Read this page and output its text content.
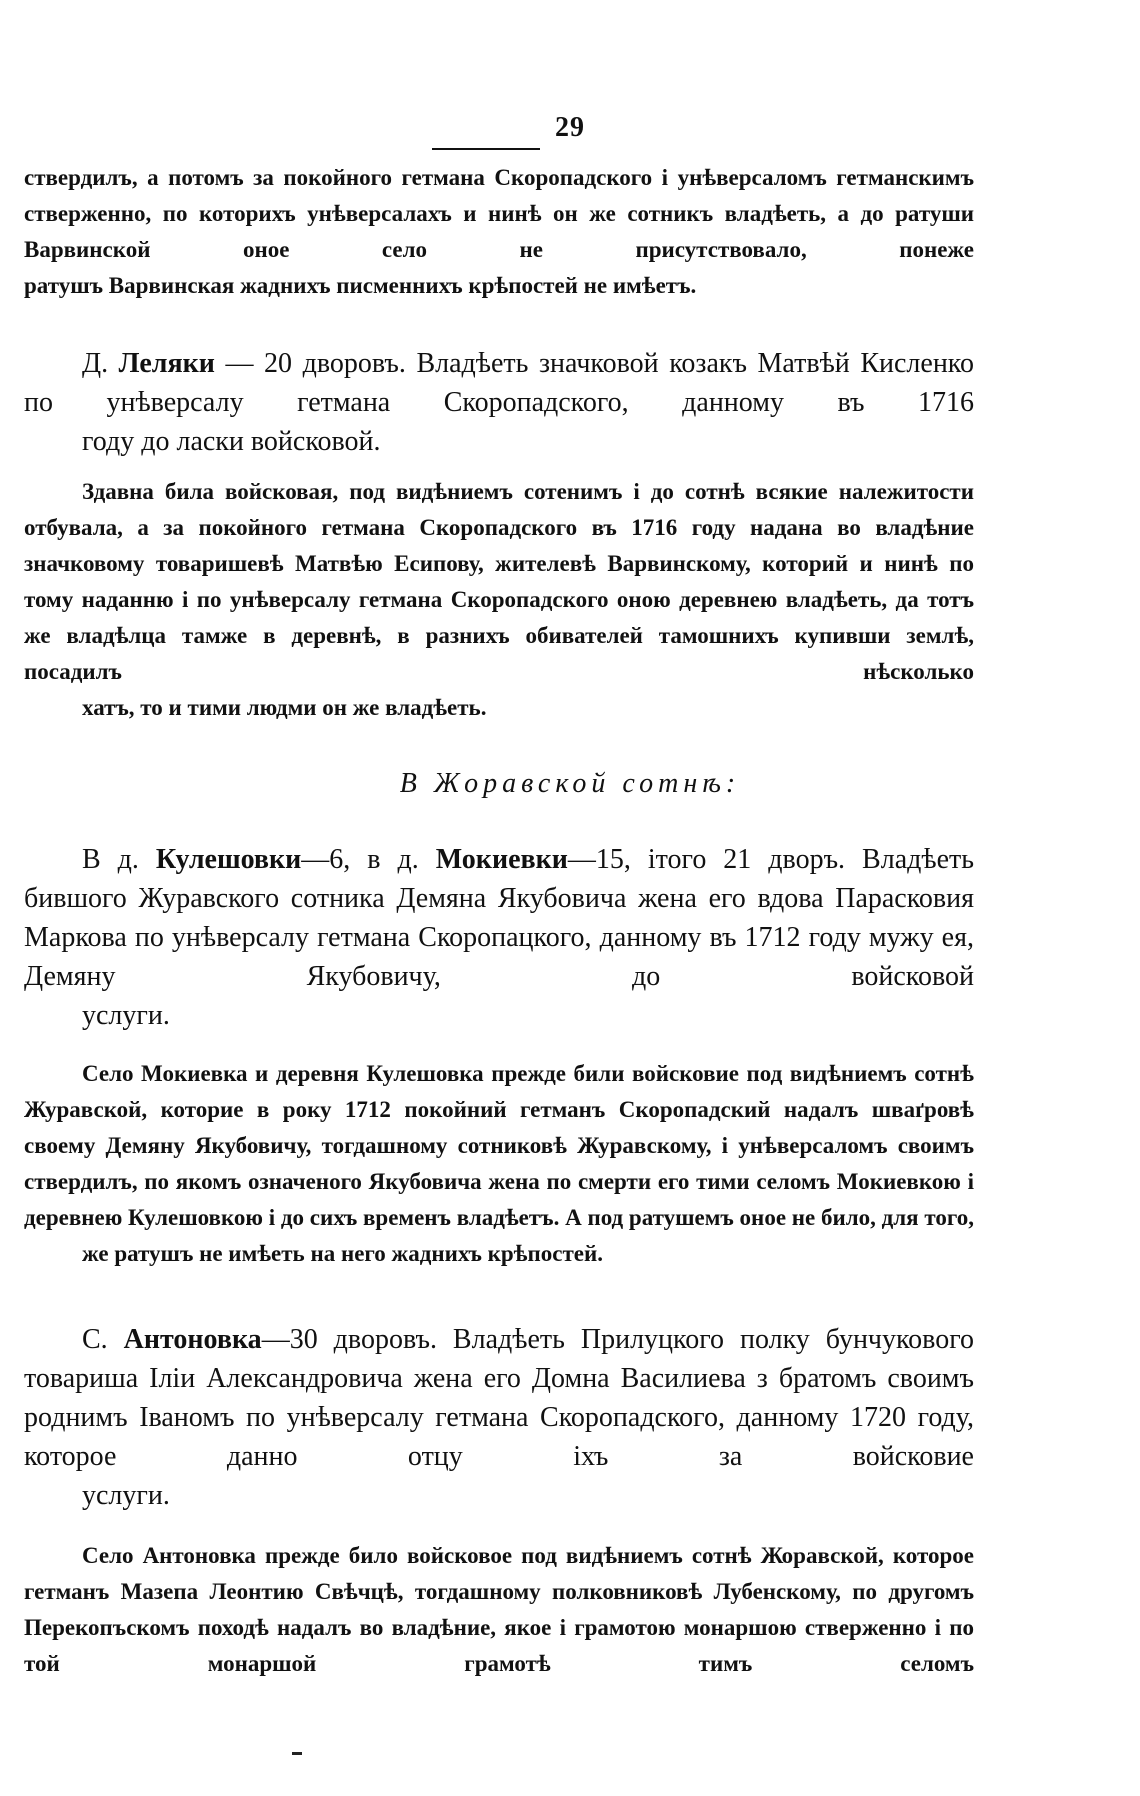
29

ствердилъ, а потомъ за покойного гетмана Скоропадского і унѣверсаломъ гетманскимъ стверженно, по которихъ унѣверсалахъ и нинѣ он же сотникъ владѣеть, а до ратуши Варвинской оное село не присутствовало, понеже
ратушъ Варвинская жаднихъ писменнихъ крѣпостей не имѣетъ.

Д. Леляки — 20 дворовъ. Владѣеть значковой козакъ Матвѣй Кисленко по унѣверсалу гетмана Скоропадского, данному въ 1716
году до ласки войсковой.

Здавна била войсковая, под видѣниемъ сотенимъ і до сотнѣ всякие належитости отбувала, а за покойного гетмана Скоропадского въ 1716 году надана во владѣние значковому товаришевѣ Матвѣю Есипову, жителевѣ Варвинскому, которий и нинѣ по тому наданню і по унѣверсалу гетмана Скоропадского оною деревнею владѣеть, да тотъ же владѣлца тамже в деревнѣ, в разнихъ обивателей тамошнихъ купивши землѣ, посадилъ нѣсколько
хатъ, то и тими людми он же владѣеть.

В Жоравской сотнѣ:

В д. Кулешовки—6, в д. Мокиевки—15, ітого 21 дворъ. Владѣеть бившого Журавского сотника Демяна Якубовича жена его вдова Парасковия Маркова по унѣверсалу гетмана Скоропацкого, данному въ 1712 году мужу ея, Демяну Якубовичу, до войсковой
услуги.

Село Мокиевка и деревня Кулешовка прежде били войсковие под видѣниемъ сотнѣ Журавской, которие в року 1712 покойний гетманъ Скоропадский надалъ шваґровѣ своему Демяну Якубовичу, тогдашному сотниковѣ Журавскому, і унѣверсаломъ своимъ ствердилъ, по якомъ означеного Якубовича жена по смерти его тими селомъ Мокиевкою і деревнею Кулешовкою і до сихъ временъ владѣетъ. А под ратушемъ оное не било, для того,
же ратушъ не имѣеть на него жаднихъ крѣпостей.

С. Антоновка—30 дворовъ. Владѣеть Прилуцкого полку бунчукового товариша Іліи Александровича жена его Домна Василиева з братомъ своимъ роднимъ Іваномъ по унѣверсалу гетмана Скоропадского, данному 1720 году, которое данно отцу іхъ за войсковие
услуги.

Село Антоновка прежде било войсковое под видѣниемъ сотнѣ Жоравской, которое гетманъ Мазепа Леонтию Свѣчцѣ, тогдашному полковниковѣ Лубенскому, по другомъ Перекопъскомъ походѣ надалъ во владѣние, якое і грамотою монаршою стверженно і по той монаршой грамотѣ тимъ селомъ
